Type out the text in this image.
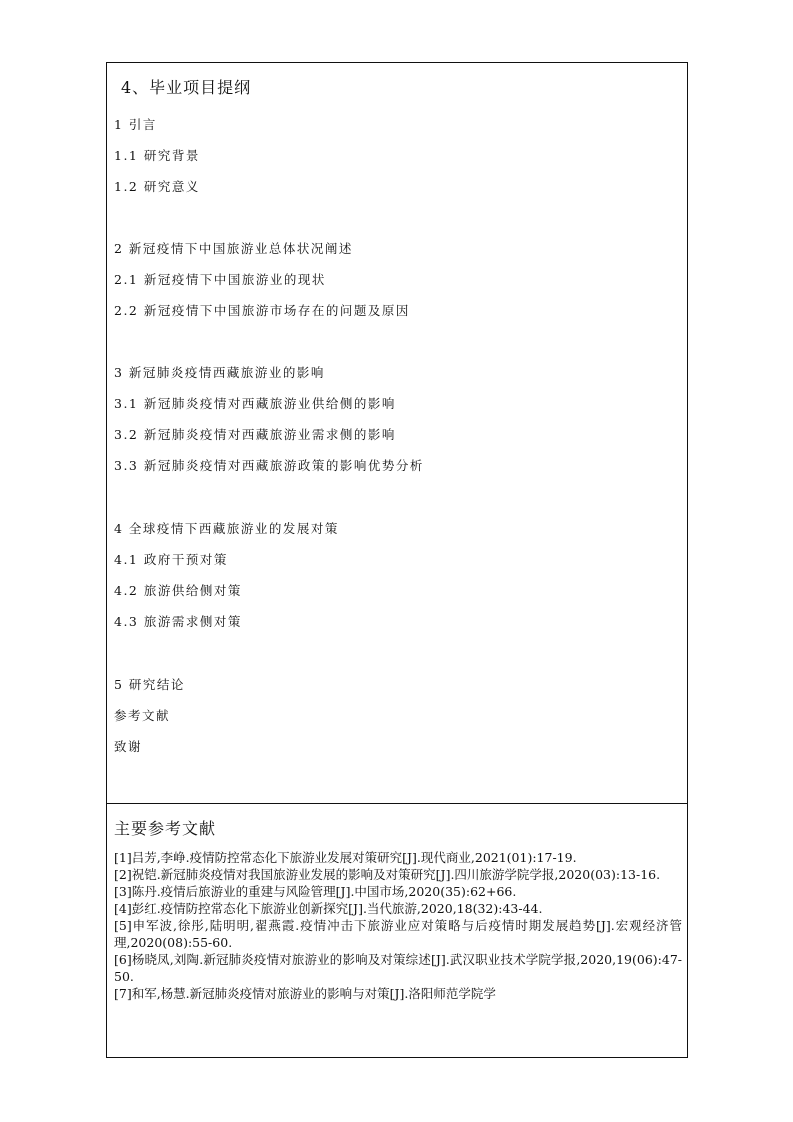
4、毕业项目提纲
1 引言
1.1 研究背景
1.2 研究意义
2 新冠疫情下中国旅游业总体状况阐述
2.1 新冠疫情下中国旅游业的现状
2.2 新冠疫情下中国旅游市场存在的问题及原因
3 新冠肺炎疫情西藏旅游业的影响
3.1 新冠肺炎疫情对西藏旅游业供给侧的影响
3.2 新冠肺炎疫情对西藏旅游业需求侧的影响
3.3 新冠肺炎疫情对西藏旅游政策的影响优势分析
4 全球疫情下西藏旅游业的发展对策
4.1 政府干预对策
4.2 旅游供给侧对策
4.3 旅游需求侧对策
5 研究结论
参考文献
致谢
主要参考文献

[1]吕芳,李峥.疫情防控常态化下旅游业发展对策研究[J].现代商业,2021(01):17-19.

[2]祝铠.新冠肺炎疫情对我国旅游业发展的影响及对策研究[J].四川旅游学院学报,2020(03):13-16.

[3]陈丹.疫情后旅游业的重建与风险管理[J].中国市场,2020(35):62+66.

[4]彭红.疫情防控常态化下旅游业创新探究[J].当代旅游,2020,18(32):43-44.

[5]申军波,徐彤,陆明明,翟燕霞.疫情冲击下旅游业应对策略与后疫情时期发展趋势[J].宏观经济管理,2020(08):55-60.

[6]杨晓凤,刘陶.新冠肺炎疫情对旅游业的影响及对策综述[J].武汉职业技术学院学报,2020,19(06):47-50.

[7]和军,杨慧.新冠肺炎疫情对旅游业的影响与对策[J].洛阳师范学院学
